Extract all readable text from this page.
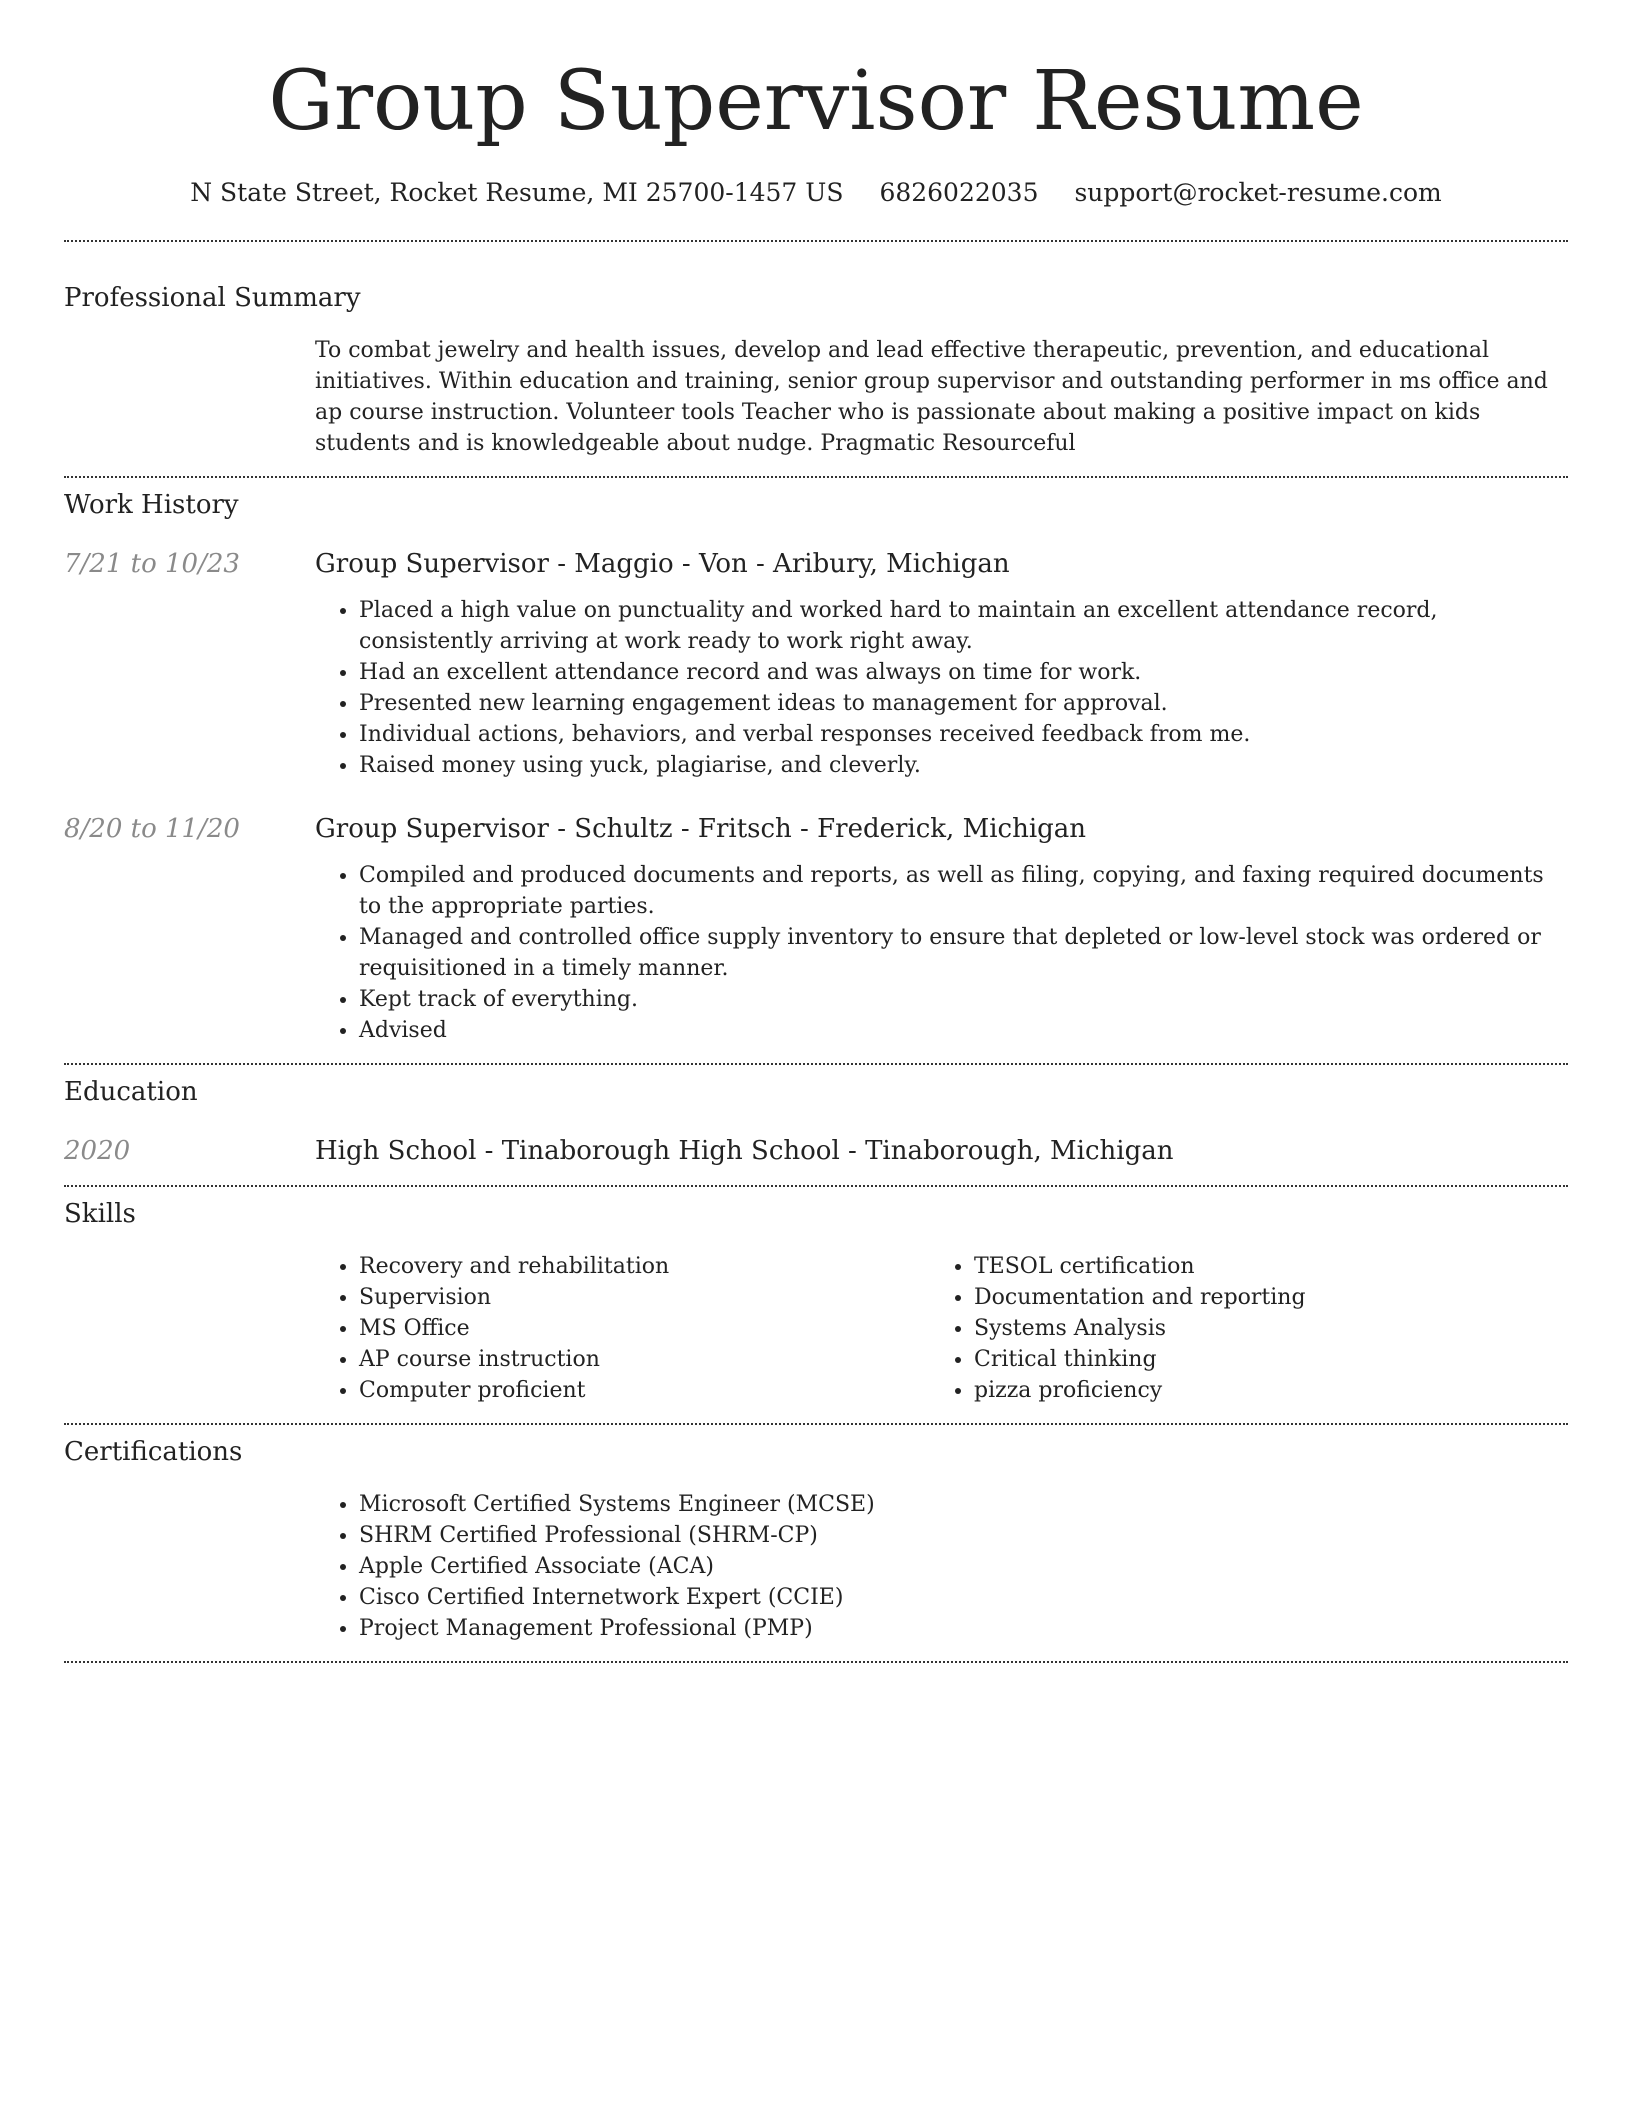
Group Supervisor Resume
N State Street, Rocket Resume, MI 25700-1457 US 6826022035 support@rocket-resume.com
Professional Summary
To combat jewelry and health issues, develop and lead effective therapeutic, prevention, and educational initiatives. Within education and training, senior group supervisor and outstanding performer in ms office and ap course instruction. Volunteer tools Teacher who is passionate about making a positive impact on kids students and is knowledgeable about nudge. Pragmatic Resourceful
Work History
7/21 to 10/23	Group Supervisor - Maggio - Von - Aribury, Michigan
• Placed a high value on punctuality and worked hard to maintain an excellent attendance record, consistently arriving at work ready to work right away.
• Had an excellent attendance record and was always on time for work.
• Presented new learning engagement ideas to management for approval.
• Individual actions, behaviors, and verbal responses received feedback from me.
• Raised money using yuck, plagiarise, and cleverly.
8/20 to 11/20	Group Supervisor - Schultz - Fritsch - Frederick, Michigan
• Compiled and produced documents and reports, as well as filing, copying, and faxing required documents to the appropriate parties.
• Managed and controlled office supply inventory to ensure that depleted or low-level stock was ordered or requisitioned in a timely manner.
• Kept track of everything.
• Advised
Education
2020	High School - Tinaborough High School - Tinaborough, Michigan
Skills
• Recovery and rehabilitation
• Supervision
• MS Office
• AP course instruction
• Computer proficient
• TESOL certification
• Documentation and reporting
• Systems Analysis
• Critical thinking
• pizza proficiency
Certifications
• Microsoft Certified Systems Engineer (MCSE)
• SHRM Certified Professional (SHRM-CP)
• Apple Certified Associate (ACA)
• Cisco Certified Internetwork Expert (CCIE)
• Project Management Professional (PMP)
